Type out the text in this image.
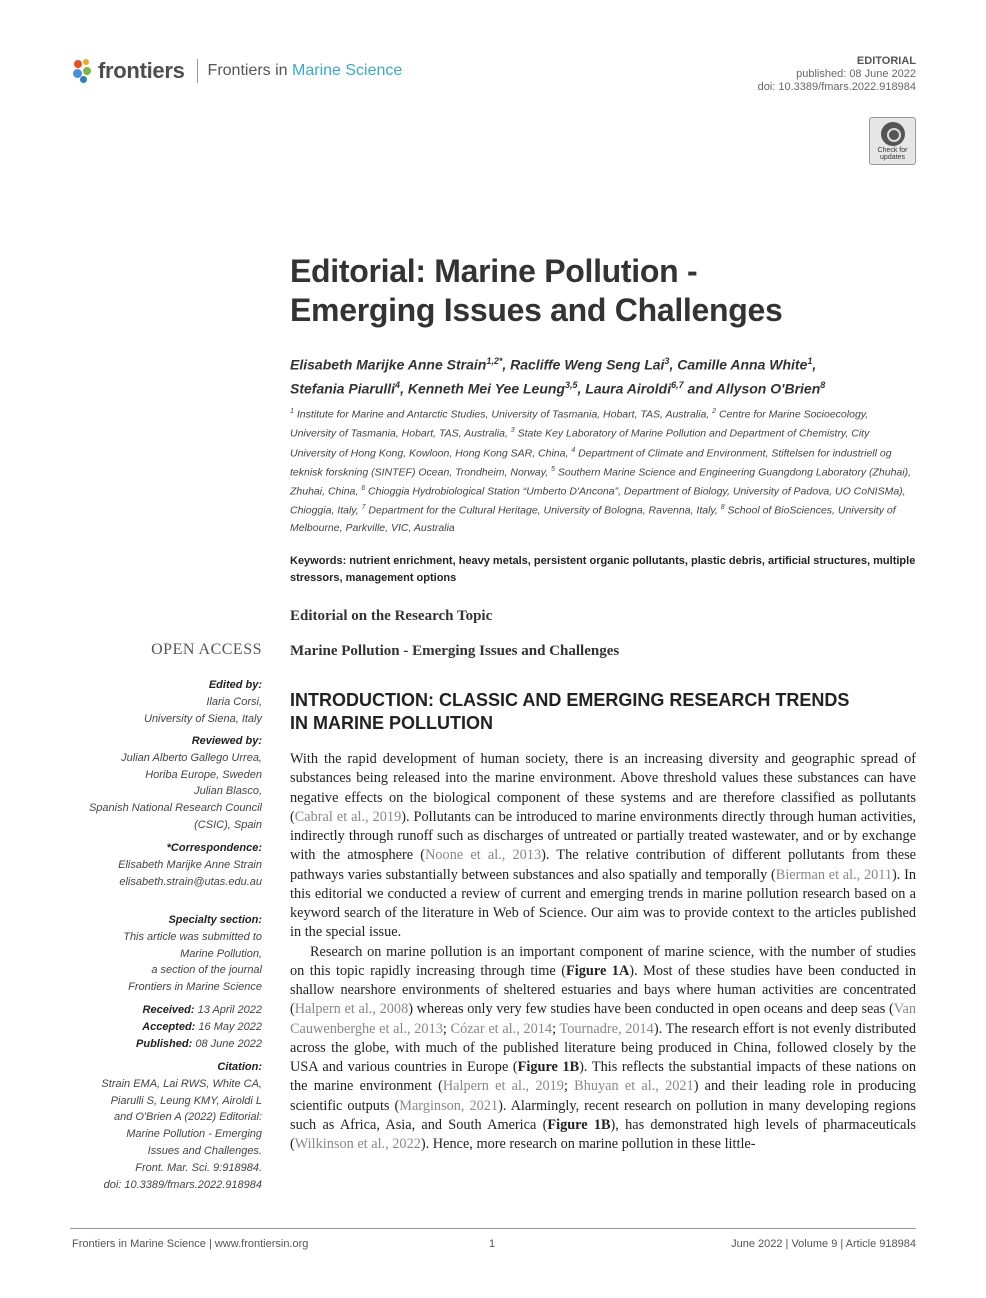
frontiers Frontiers in Marine Science
EDITORIAL
published: 08 June 2022
doi: 10.3389/fmars.2022.918984
Check for
updates
Editorial: Marine Pollution -
Emerging Issues and Challenges
Elisabeth Marijke Anne Strain$^{1,2*}$, Racliffe Weng Seng Lai$^3$, Camille Anna White$^1$,
Stefania Piarulli$^4$, Kenneth Mei Yee Leung$^{3,5}$, Laura Airoldi$^{6,7}$ and Allyson O'Brien$^8$
$^1$ Institute for Marine and Antarctic Studies, University of Tasmania, Hobart, TAS, Australia, $^2$ Centre for Marine Socioecology, University of Tasmania, Hobart, TAS, Australia, $^3$ State Key Laboratory of Marine Pollution and Department of Chemistry, City University of Hong Kong, Kowloon, Hong Kong SAR, China, $^4$ Department of Climate and Environment, Stiftelsen for industriell og teknisk forskning (SINTEF) Ocean, Trondheim, Norway, $^5$ Southern Marine Science and Engineering Guangdong Laboratory (Zhuhai), Zhuhai, China, $^6$ Chioggia Hydrobiological Station “Umberto D'Ancona”, Department of Biology, University of Padova, UO CoNISMa), Chioggia, Italy, $^7$ Department for the Cultural Heritage, University of Bologna, Ravenna, Italy, $^8$ School of BioSciences, University of Melbourne, Parkville, VIC, Australia
Keywords: nutrient enrichment, heavy metals, persistent organic pollutants, plastic debris, artificial structures, multiple stressors, management options
Editorial on the Research Topic
Marine Pollution - Emerging Issues and Challenges
OPEN ACCESS
Edited by:
Ilaria Corsi,
University of Siena, Italy
Reviewed by:
Julian Alberto Gallego Urrea,
Horiba Europe, Sweden
Julian Blasco,
Spanish National Research Council
(CSIC), Spain
*Correspondence:
Elisabeth Marijke Anne Strain
elisabeth.strain@utas.edu.au
Specialty section:
This article was submitted to
Marine Pollution,
a section of the journal
Frontiers in Marine Science
Received: 13 April 2022
Accepted: 16 May 2022
Published: 08 June 2022
Citation:
Strain EMA, Lai RWS, White CA,
Piarulli S, Leung KMY, Airoldi L
and O'Brien A (2022) Editorial:
Marine Pollution - Emerging
Issues and Challenges.
Front. Mar. Sci. 9:918984.
doi: 10.3389/fmars.2022.918984
INTRODUCTION: CLASSIC AND EMERGING RESEARCH TRENDS
IN MARINE POLLUTION

With the rapid development of human society, there is an increasing diversity and geographic spread of substances being released into the marine environment. Above threshold values these substances can have negative effects on the biological component of these systems and are therefore classified as pollutants (Cabral et al., 2019). Pollutants can be introduced to marine environments directly through human activities, indirectly through runoff such as discharges of untreated or partially treated wastewater, and or by exchange with the atmosphere (Noone et al., 2013). The relative contribution of different pollutants from these pathways varies substantially between substances and also spatially and temporally (Bierman et al., 2011). In this editorial we conducted a review of current and emerging trends in marine pollution research based on a keyword search of the literature in Web of Science. Our aim was to provide context to the articles published in the special issue.

Research on marine pollution is an important component of marine science, with the number of studies on this topic rapidly increasing through time (Figure 1A). Most of these studies have been conducted in shallow nearshore environments of sheltered estuaries and bays where human activities are concentrated (Halpern et al., 2008) whereas only very few studies have been conducted in open oceans and deep seas (Van Cauwenberghe et al., 2013; Cózar et al., 2014; Tournadre, 2014). The research effort is not evenly distributed across the globe, with much of the published literature being produced in China, followed closely by the USA and various countries in Europe (Figure 1B). This reflects the substantial impacts of these nations on the marine environment (Halpern et al., 2019; Bhuyan et al., 2021) and their leading role in producing scientific outputs (Marginson, 2021). Alarmingly, recent research on pollution in many developing regions such as Africa, Asia, and South America (Figure 1B), has demonstrated high levels of pharmaceuticals (Wilkinson et al., 2022). Hence, more research on marine pollution in these little-

Frontiers in Marine Science | www.frontiersin.org	1	June 2022 | Volume 9 | Article 918984
